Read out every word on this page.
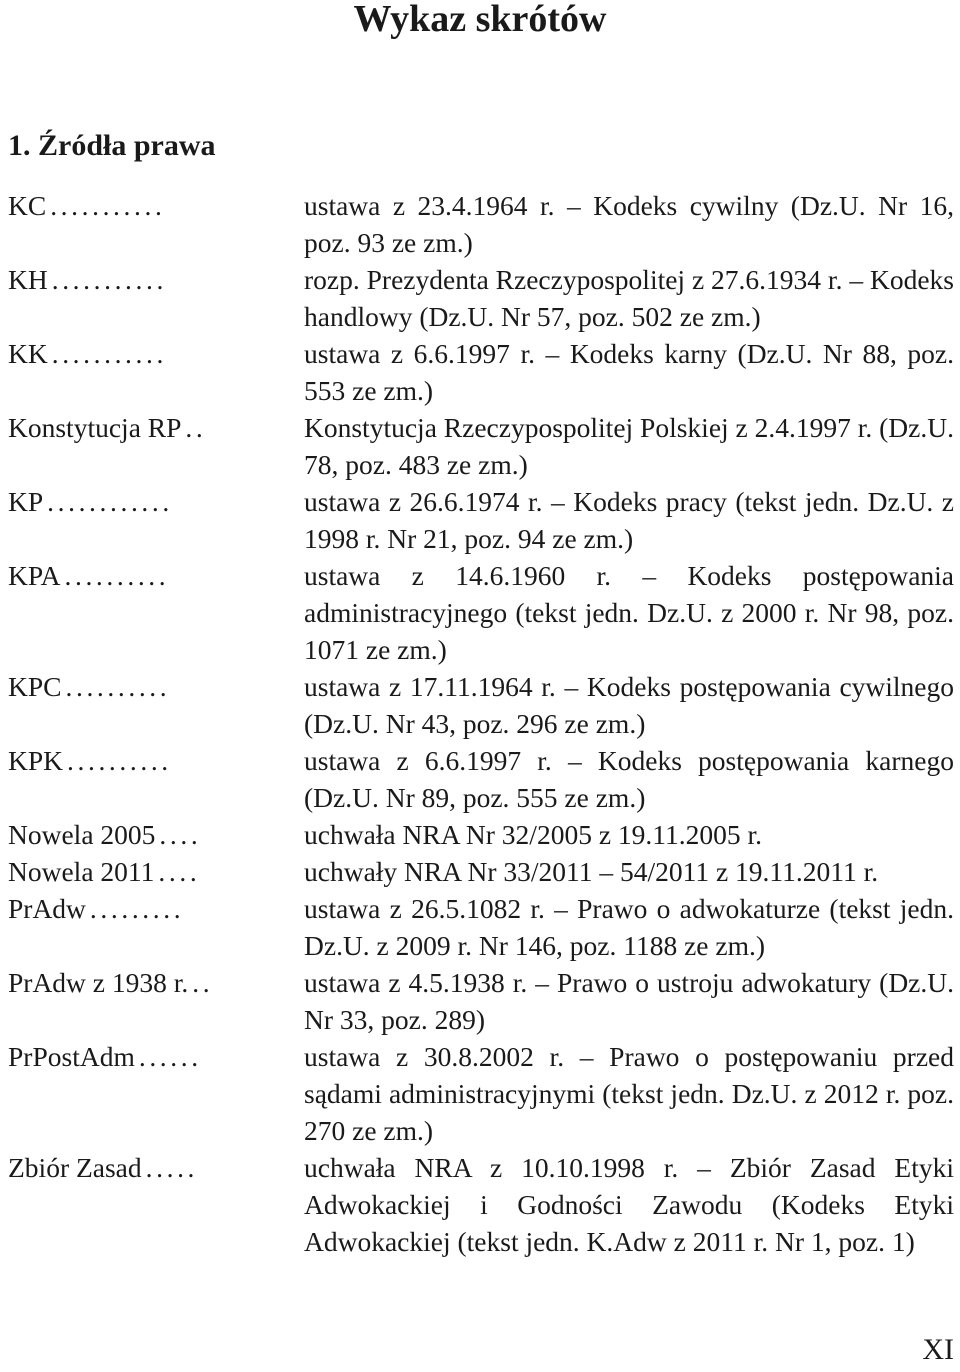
Wykaz skrótów
1. Źródła prawa
KC ...........	ustawa z 23.4.1964 r. – Kodeks cywilny (Dz.U. Nr 16, poz. 93 ze zm.)
KH ...........	rozp. Prezydenta Rzeczypospolitej z 27.6.1934 r. – Kodeks handlowy (Dz.U. Nr 57, poz. 502 ze zm.)
KK ...........	ustawa z 6.6.1997 r. – Kodeks karny (Dz.U. Nr 88, poz. 553 ze zm.)
Konstytucja RP ..	Konstytucja Rzeczypospolitej Polskiej z 2.4.1997 r. (Dz.U. 78, poz. 483 ze zm.)
KP ............	ustawa z 26.6.1974 r. – Kodeks pracy (tekst jedn. Dz.U. z 1998 r. Nr 21, poz. 94 ze zm.)
KPA ..........	ustawa z 14.6.1960 r. – Kodeks postępowania administracyjnego (tekst jedn. Dz.U. z 2000 r. Nr 98, poz. 1071 ze zm.)
KPC ..........	ustawa z 17.11.1964 r. – Kodeks postępowania cywilnego (Dz.U. Nr 43, poz. 296 ze zm.)
KPK ..........	ustawa z 6.6.1997 r. – Kodeks postępowania karnego (Dz.U. Nr 89, poz. 555 ze zm.)
Nowela 2005 ....	uchwała NRA Nr 32/2005 z 19.11.2005 r.
Nowela 2011 ....	uchwały NRA Nr 33/2011 – 54/2011 z 19.11.2011 r.
PrAdw .........	ustawa z 26.5.1082 r. – Prawo o adwokaturze (tekst jedn. Dz.U. z 2009 r. Nr 146, poz. 1188 ze zm.)
PrAdw z 1938 r. ..	ustawa z 4.5.1938 r. – Prawo o ustroju adwokatury (Dz.U. Nr 33, poz. 289)
PrPostAdm ......	ustawa z 30.8.2002 r. – Prawo o postępowaniu przed sądami administracyjnymi (tekst jedn. Dz.U. z 2012 r. poz. 270 ze zm.)
Zbiór Zasad .....	uchwała NRA z 10.10.1998 r. – Zbiór Zasad Etyki Adwokackiej i Godności Zawodu (Kodeks Etyki Adwokackiej (tekst jedn. K.Adw z 2011 r. Nr 1, poz. 1)
XI
